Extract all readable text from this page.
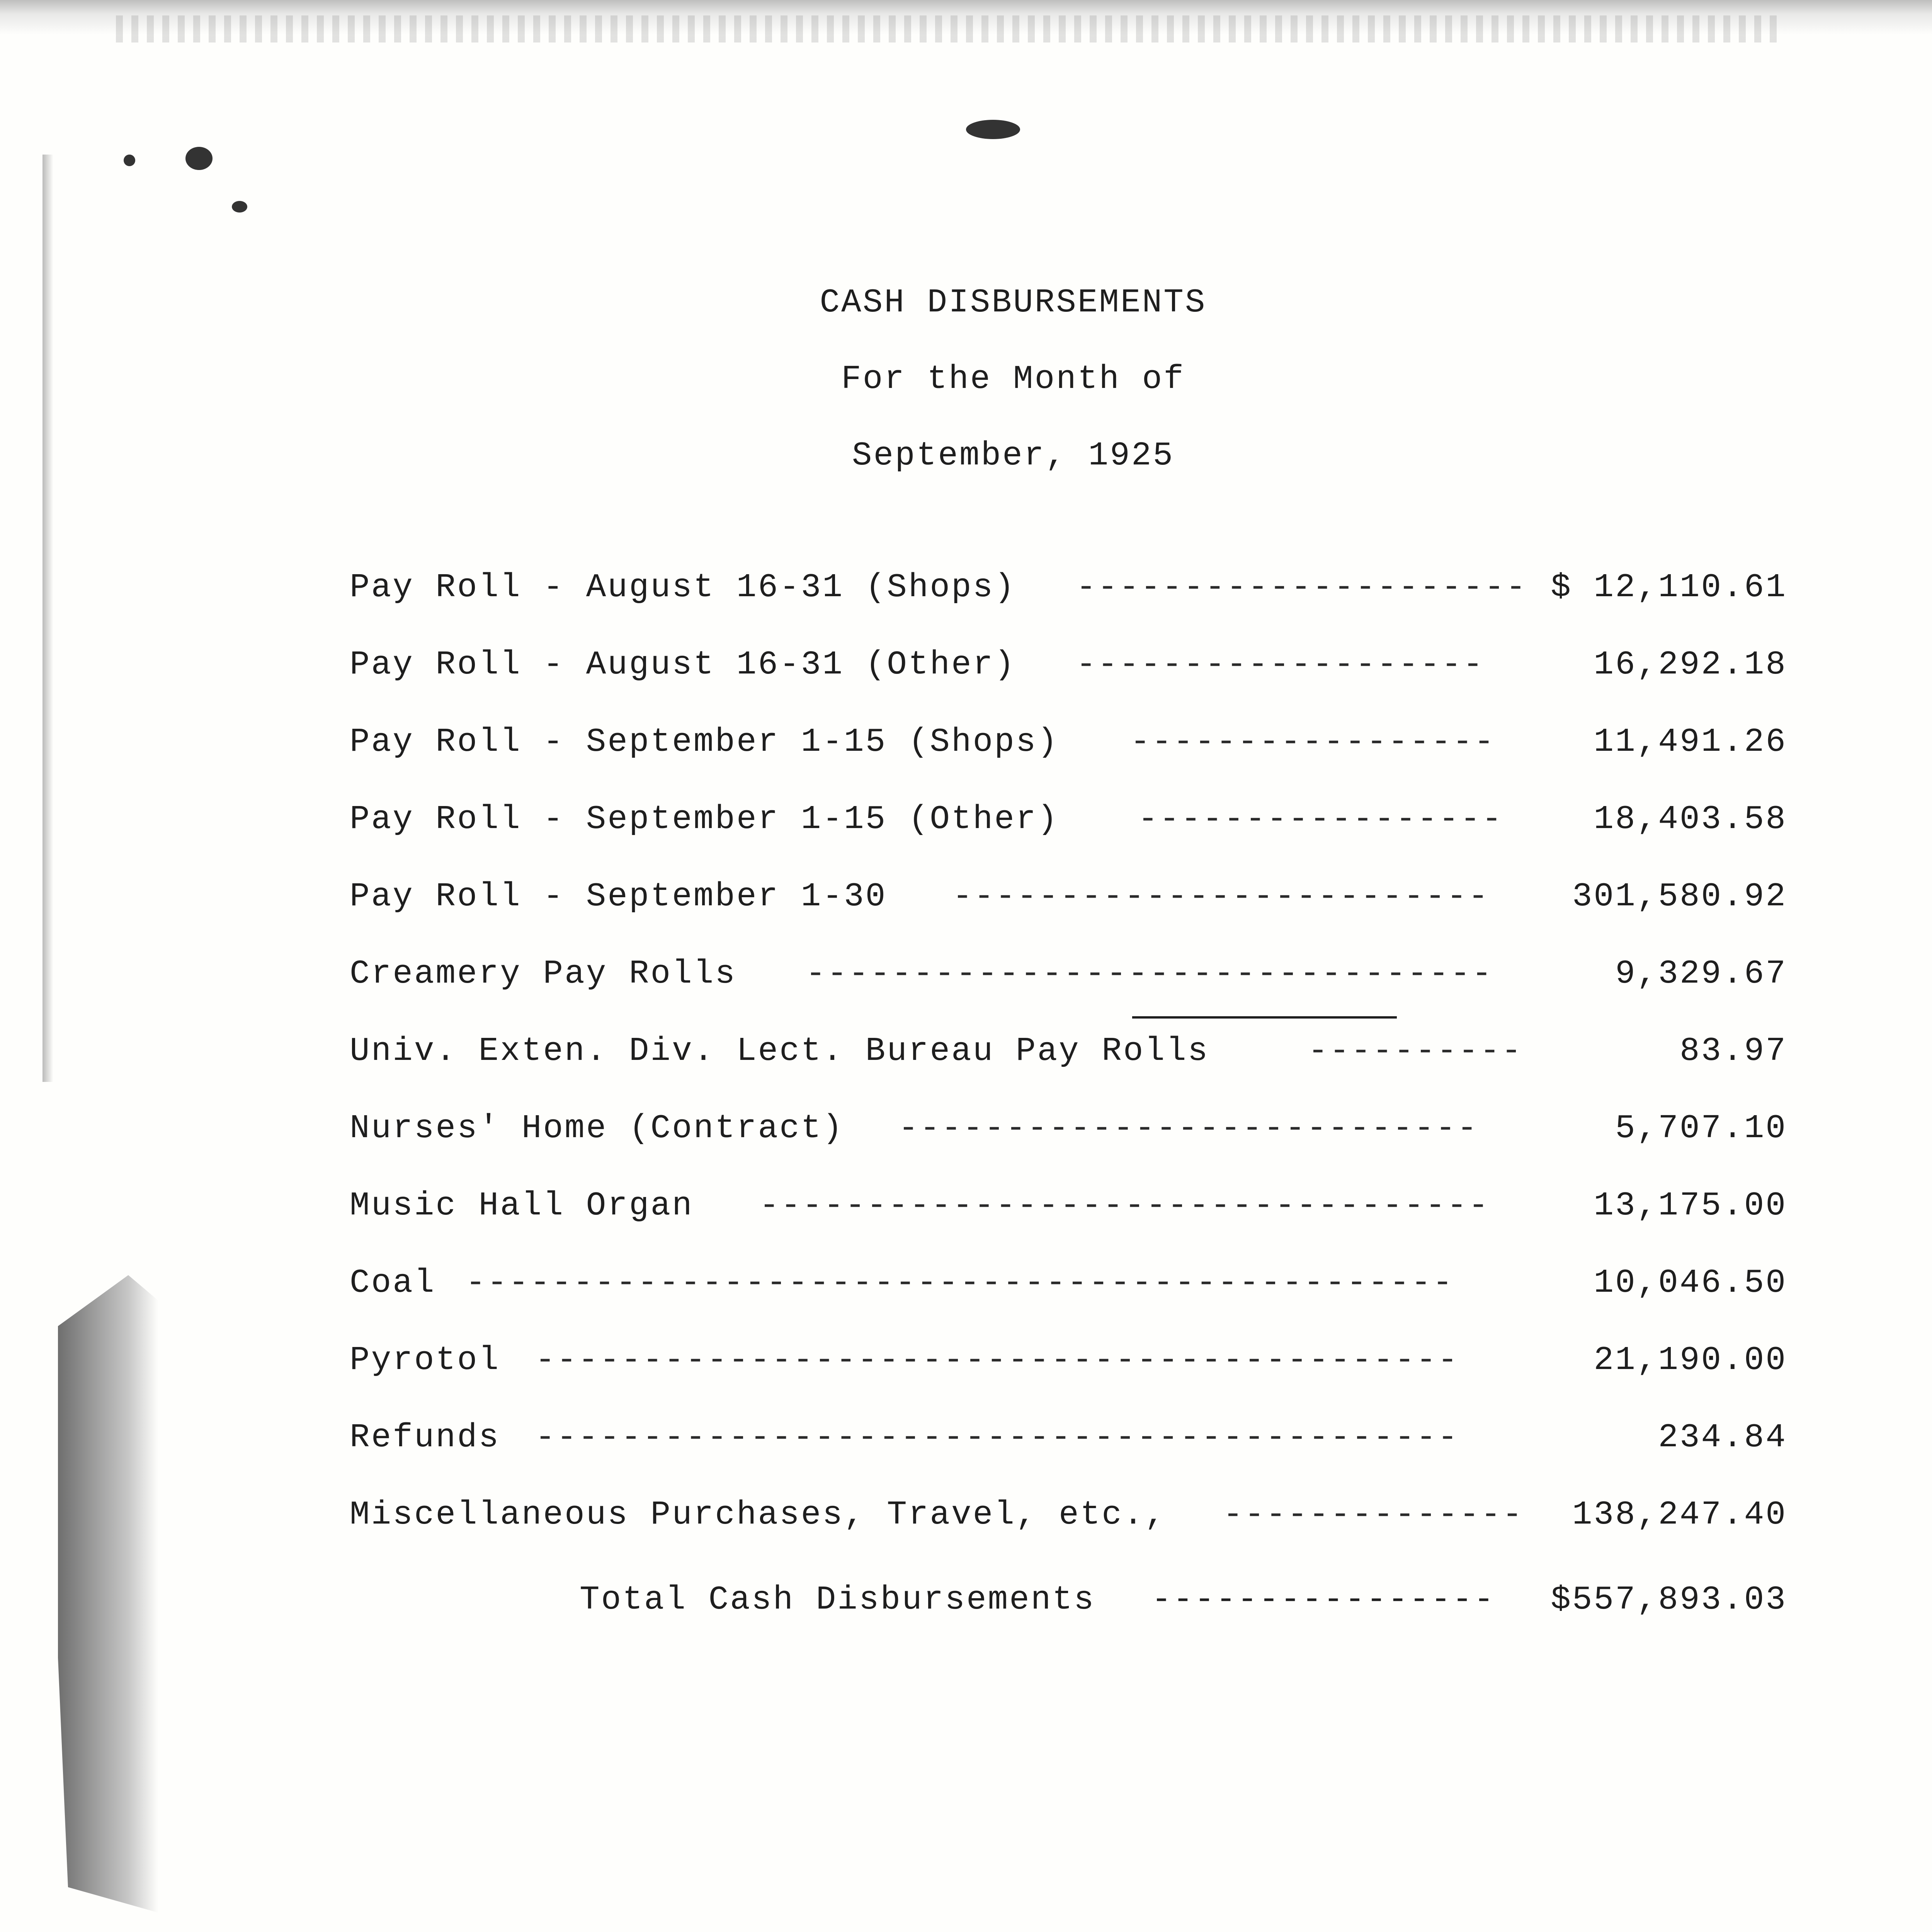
CASH DISBURSEMENTS
For the Month of
September, 1925
Pay Roll - August 16-31 (Shops) --------------------- $ 12,110.61
Pay Roll - August 16-31 (Other) -------------------	16,292.18
Pay Roll - September 1-15 (Shops) -----------------	11,491.26
Pay Roll - September 1-15 (Other) -----------------	18,403.58
Pay Roll - September 1-30 ------------------------- 301,580.92
Creamery Pay Rolls --------------------------------	9,329.67
Univ. Exten. Div. Lect. Bureau Pay Rolls	----------	83.97
Nurses' Home (Contract) ---------------------------	5,707.10
Music Hall Organ ----------------------------------	13,175.00
Coal ----------------------------------------------	10,046.50
Pyrotol -------------------------------------------	21,190.00
Refunds -------------------------------------------	234.84
Miscellaneous Purchases, Travel, etc., -------------- 138,247.40
Total Cash Disbursements ---------------- $557,893.03
